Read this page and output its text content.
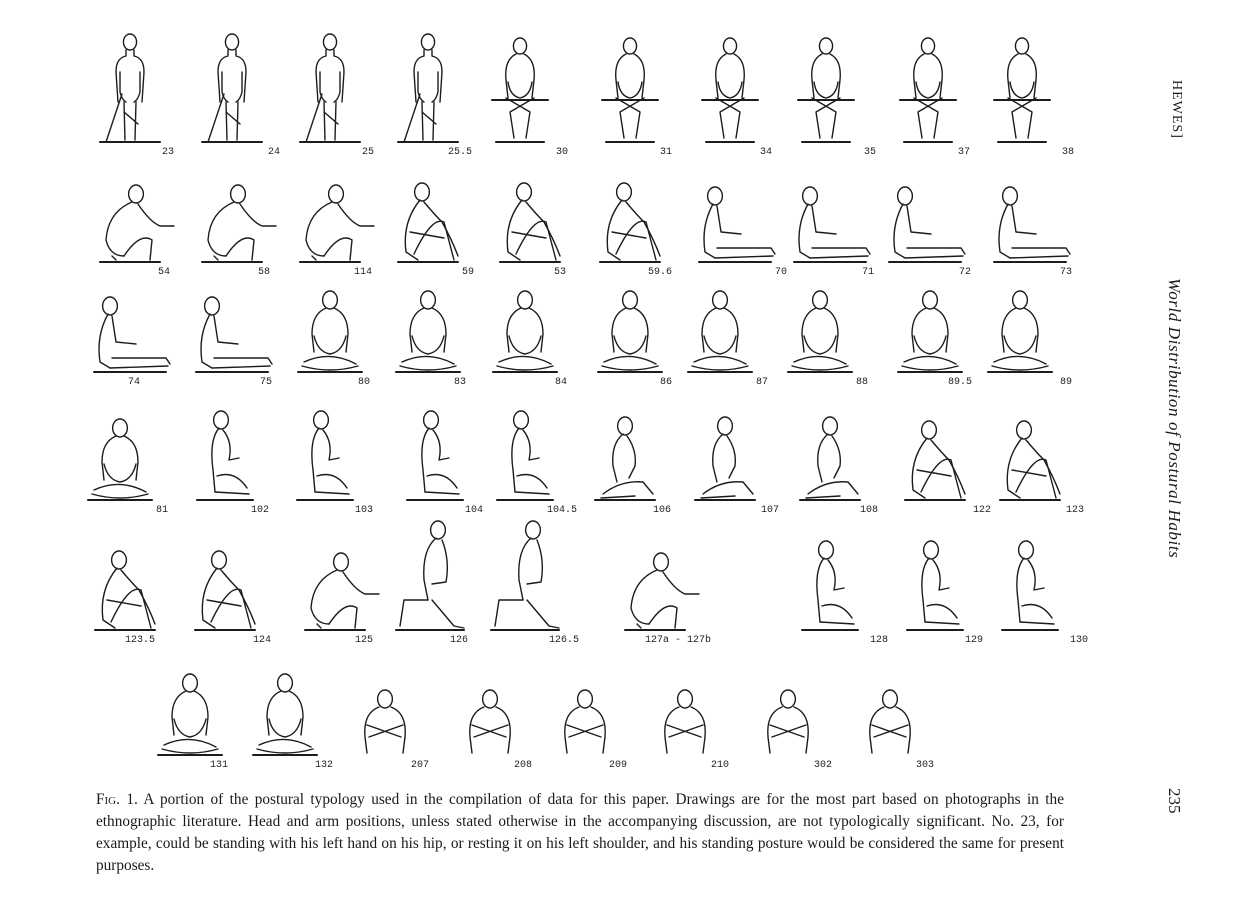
23	24	25	25.5	30	31	34	35	37	38
54	58	114	59	53	59.6	70	71	72	73
74	75	80	83	84	86	87	88	89.5	89
81	102	103	104	104.5	106	107	108	122	123
123.5	124	125	126	126.5	127a - 127b	128	129	130
131	132	207	208	209	210	302	303
Fig. 1. A portion of the postural typology used in the compilation of data for this paper. Drawings are for the most part based on photographs in the ethnographic literature. Head and arm positions, unless stated otherwise in the accompanying discussion, are not typologically significant. No. 23, for example, could be standing with his left hand on his hip, or resting it on his left shoulder, and his standing posture would be considered the same for present purposes.
HEWES]
World Distribution of Postural Habits
235
